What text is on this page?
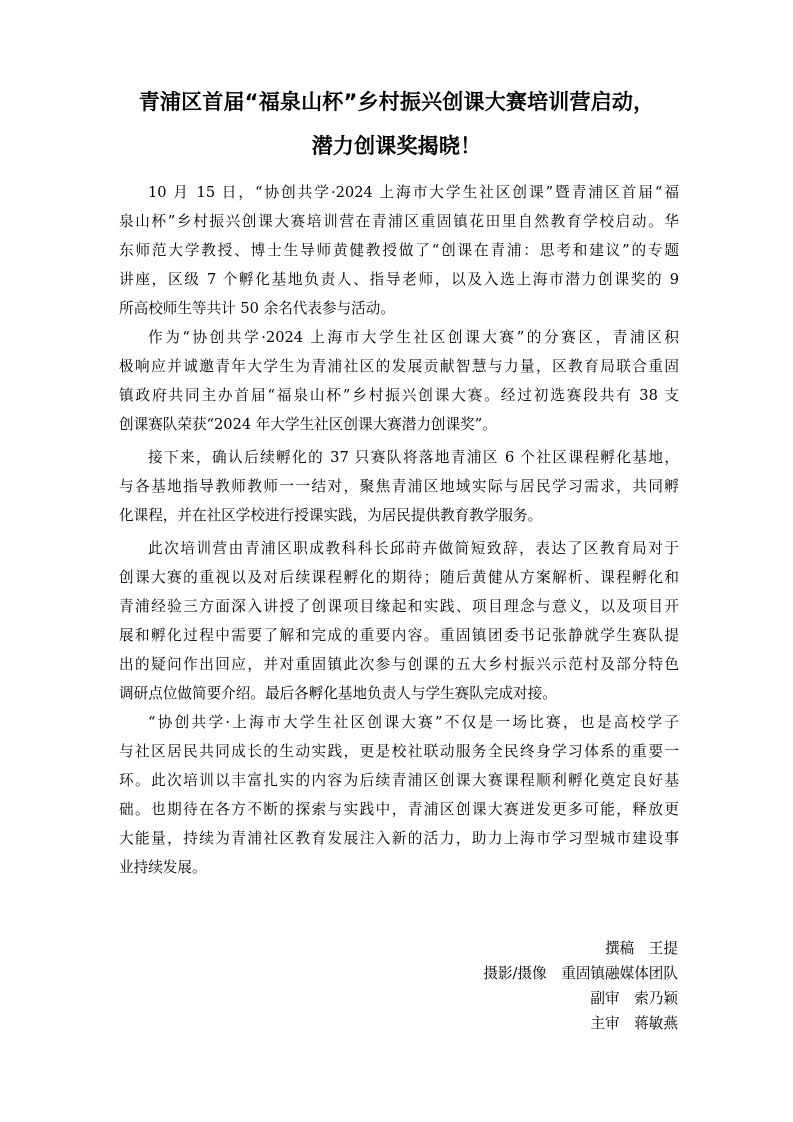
青浦区首届“福泉山杯”乡村振兴创课大赛培训营启动，
潜力创课奖揭晓！
10 月 15 日，“协创共学·2024 上海市大学生社区创课”暨青浦区首届“福
泉山杯”乡村振兴创课大赛培训营在青浦区重固镇花田里自然教育学校启动。华
东师范大学教授、博士生导师黄健教授做了“创课在青浦：思考和建议”的专题
讲座，区级 7 个孵化基地负责人、指导老师，以及入选上海市潜力创课奖的 9
所高校师生等共计 50 余名代表参与活动。
作为“协创共学·2024 上海市大学生社区创课大赛”的分赛区，青浦区积
极响应并诚邀青年大学生为青浦社区的发展贡献智慧与力量，区教育局联合重固
镇政府共同主办首届“福泉山杯”乡村振兴创课大赛。经过初选赛段共有 38 支
创课赛队荣获“2024 年大学生社区创课大赛潜力创课奖”。
接下来，确认后续孵化的 37 只赛队将落地青浦区 6 个社区课程孵化基地，
与各基地指导教师教师一一结对，聚焦青浦区地域实际与居民学习需求，共同孵
化课程，并在社区学校进行授课实践，为居民提供教育教学服务。
此次培训营由青浦区职成教科科长邱莳卉做简短致辞，表达了区教育局对于
创课大赛的重视以及对后续课程孵化的期待；随后黄健从方案解析、课程孵化和
青浦经验三方面深入讲授了创课项目缘起和实践、项目理念与意义，以及项目开
展和孵化过程中需要了解和完成的重要内容。重固镇团委书记张静就学生赛队提
出的疑问作出回应，并对重固镇此次参与创课的五大乡村振兴示范村及部分特色
调研点位做简要介绍。最后各孵化基地负责人与学生赛队完成对接。
“协创共学·上海市大学生社区创课大赛”不仅是一场比赛，也是高校学子
与社区居民共同成长的生动实践，更是校社联动服务全民终身学习体系的重要一
环。此次培训以丰富扎实的内容为后续青浦区创课大赛课程顺利孵化奠定良好基
础。也期待在各方不断的探索与实践中，青浦区创课大赛迸发更多可能，释放更
大能量，持续为青浦社区教育发展注入新的活力，助力上海市学习型城市建设事
业持续发展。
撰稿　王提
摄影/摄像　重固镇融媒体团队
副审　索乃颖
主审　蒋敏燕
